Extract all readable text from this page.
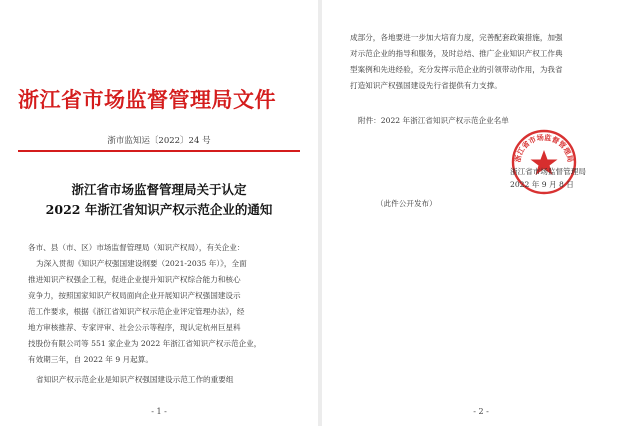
浙江省市场监督管理局文件
浙市监知运〔2022〕24 号
浙江省市场监督管理局关于认定
2022 年浙江省知识产权示范企业的通知
各市、县（市、区）市场监督管理局（知识产权局），有关企业：
为深入贯彻《知识产权强国建设纲要（2021-2035 年）》，全面
推进知识产权强企工程，促进企业提升知识产权综合能力和核心
竞争力，按照国家知识产权局面向企业开展知识产权强国建设示
范工作要求，根据《浙江省知识产权示范企业评定管理办法》，经
地方审核推荐、专家评审、社会公示等程序，现认定杭州巨星科
技股份有限公司等 551 家企业为 2022 年浙江省知识产权示范企业，
有效期三年，自 2022 年 9 月起算。
省知识产权示范企业是知识产权强国建设示范工作的重要组
- 1 -
成部分，各地要进一步加大培育力度，完善配套政策措施，加强
对示范企业的指导和服务，及时总结、推广企业知识产权工作典
型案例和先进经验，充分发挥示范企业的引领带动作用，为我省
打造知识产权强国建设先行省提供有力支撑。
附件：2022 年浙江省知识产权示范企业名单
浙江省市场监督管理局
浙江省市场监督管理局
2022 年 9 月 8 日
（此件公开发布）
- 2 -
